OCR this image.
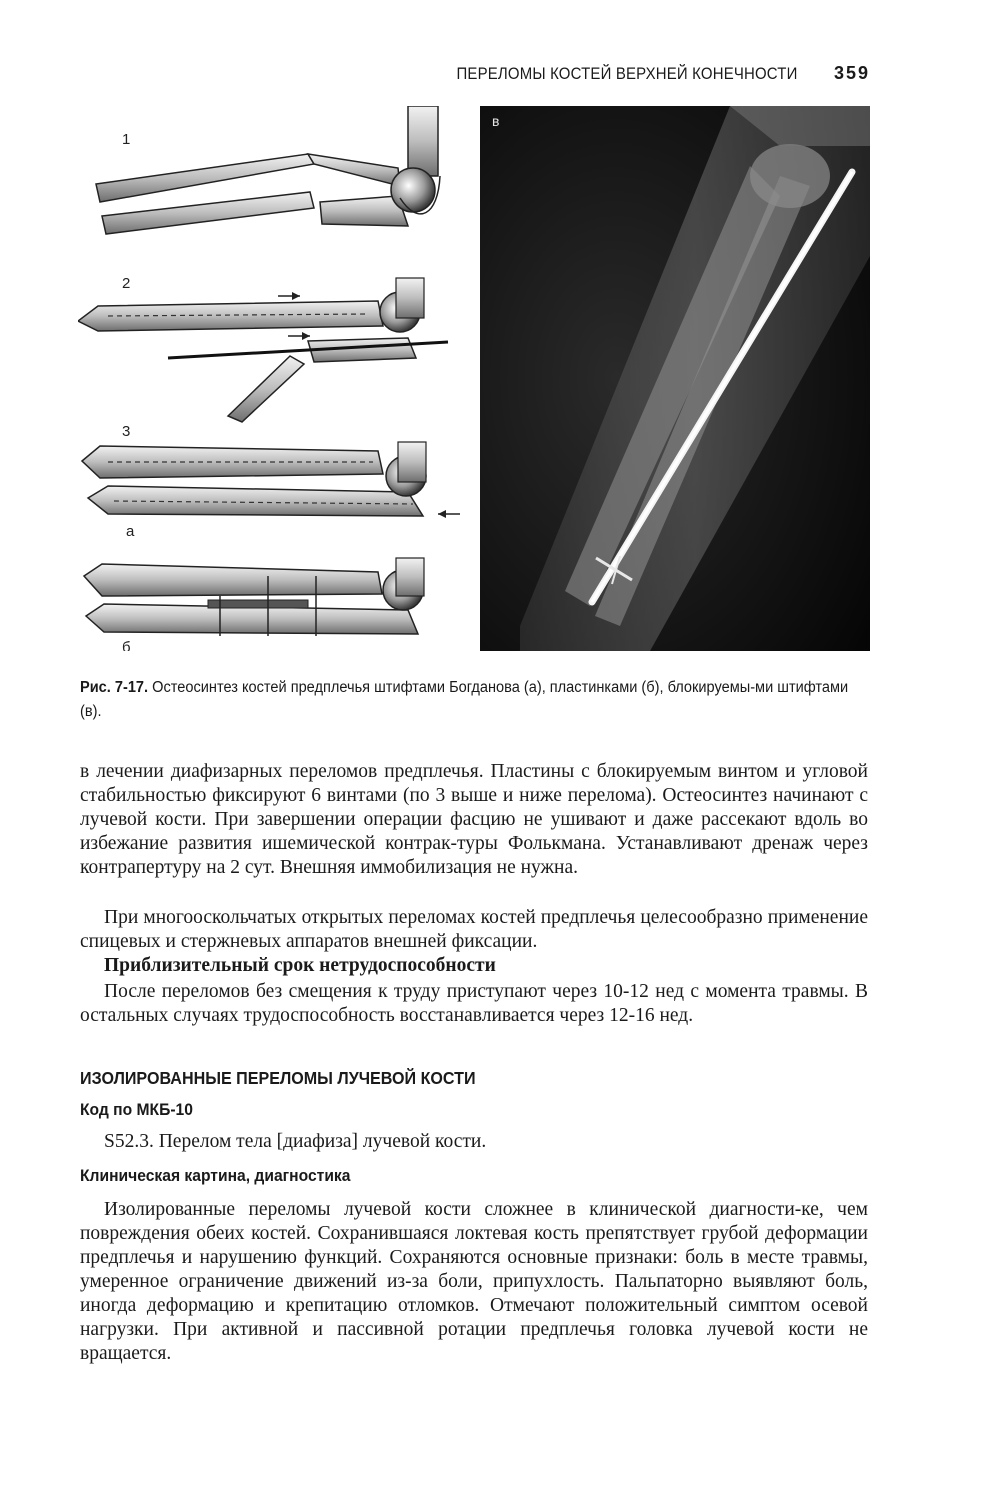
ПЕРЕЛОМЫ КОСТЕЙ ВЕРХНЕЙ КОНЕЧНОСТИ 359
1
2
3
а
б
в
Рис. 7-17. Остеосинтез костей предплечья штифтами Богданова (а), пластинками (б), блокируемы-ми штифтами (в).

в лечении диафизарных переломов предплечья. Пластины с блокируемым винтом и угловой стабильностью фиксируют 6 винтами (по 3 выше и ниже перелома). Остеосинтез начинают с лучевой кости. При завершении операции фасцию не ушивают и даже рассекают вдоль во избежание развития ишемической контрак-туры Фолькмана. Устанавливают дренаж через контрапертуру на 2 сут. Внешняя иммобилизация не нужна.

При многооскольчатых открытых переломах костей предплечья целесообразно применение спицевых и стержневых аппаратов внешней фиксации.

Приблизительный срок нетрудоспособности

После переломов без смещения к труду приступают через 10-12 нед с момента травмы. В остальных случаях трудоспособность восстанавливается через 12-16 нед.

ИЗОЛИРОВАННЫЕ ПЕРЕЛОМЫ ЛУЧЕВОЙ КОСТИ
Код по МКБ-10

S52.3. Перелом тела [диафиза] лучевой кости.

Клиническая картина, диагностика

Изолированные переломы лучевой кости сложнее в клинической диагности-ке, чем повреждения обеих костей. Сохранившаяся локтевая кость препятствует грубой деформации предплечья и нарушению функций. Сохраняются основные признаки: боль в месте травмы, умеренное ограничение движений из-за боли, припухлость. Пальпаторно выявляют боль, иногда деформацию и крепитацию отломков. Отмечают положительный симптом осевой нагрузки. При активной и пассивной ротации предплечья головка лучевой кости не вращается.
